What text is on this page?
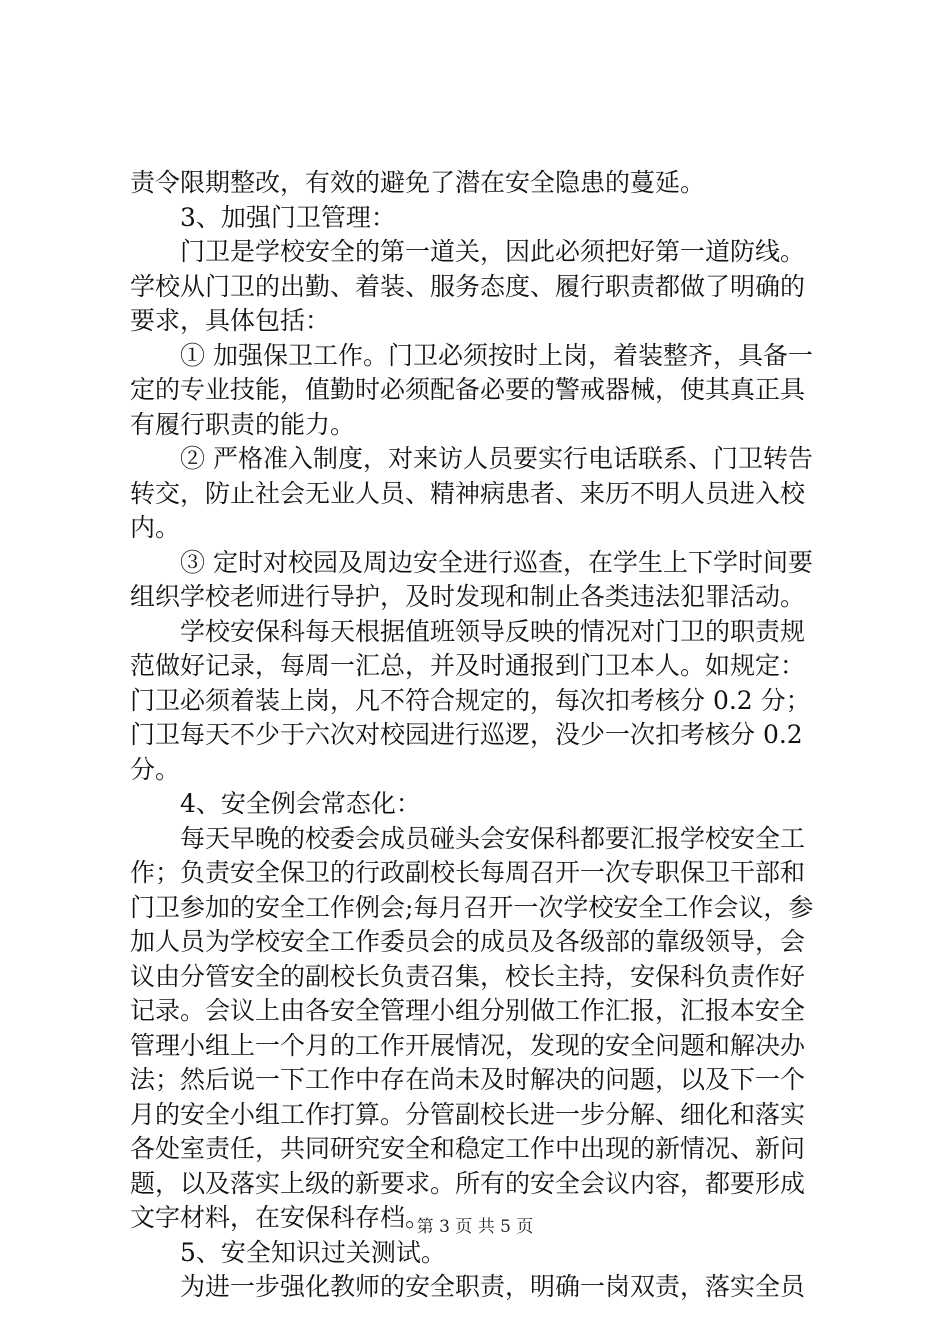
责令限期整改，有效的避免了潜在安全隐患的蔓延。
3、加强门卫管理：
门卫是学校安全的第一道关，因此必须把好第一道防线。
学校从门卫的出勤、着装、服务态度、履行职责都做了明确的
要求，具体包括：
① 加强保卫工作。门卫必须按时上岗，着装整齐，具备一
定的专业技能，值勤时必须配备必要的警戒器械，使其真正具
有履行职责的能力。
② 严格准入制度，对来访人员要实行电话联系、门卫转告
转交，防止社会无业人员、精神病患者、来历不明人员进入校
内。
③ 定时对校园及周边安全进行巡查，在学生上下学时间要
组织学校老师进行导护，及时发现和制止各类违法犯罪活动。
学校安保科每天根据值班领导反映的情况对门卫的职责规
范做好记录，每周一汇总，并及时通报到门卫本人。如规定：
门卫必须着装上岗，凡不符合规定的，每次扣考核分 0.2 分；
门卫每天不少于六次对校园进行巡逻，没少一次扣考核分 0.2
分。
4、安全例会常态化：
每天早晚的校委会成员碰头会安保科都要汇报学校安全工
作；负责安全保卫的行政副校长每周召开一次专职保卫干部和
门卫参加的安全工作例会;每月召开一次学校安全工作会议，参
加人员为学校安全工作委员会的成员及各级部的靠级领导，会
议由分管安全的副校长负责召集，校长主持，安保科负责作好
记录。会议上由各安全管理小组分别做工作汇报，汇报本安全
管理小组上一个月的工作开展情况，发现的安全问题和解决办
法；然后说一下工作中存在尚未及时解决的问题，以及下一个
月的安全小组工作打算。分管副校长进一步分解、细化和落实
各处室责任，共同研究安全和稳定工作中出现的新情况、新问
题，以及落实上级的新要求。所有的安全会议内容，都要形成
文字材料，在安保科存档。
5、安全知识过关测试。
为进一步强化教师的安全职责，明确一岗双责，落实全员
第 3 页 共 5 页
